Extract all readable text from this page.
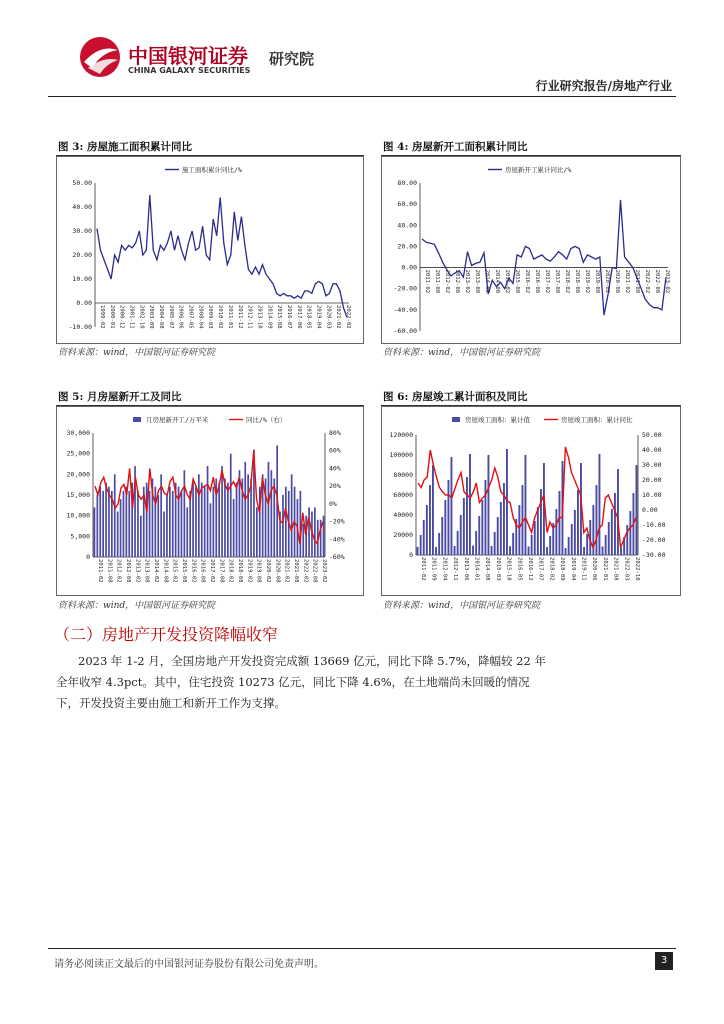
中国银河证券
CHINA GALAXY SECURITIES
研究院
行业研究报告/房地产行业
图 3: 房屋施工面积累计同比
施工面积累计同比/%
50.00
40.00
30.00
20.00
10.00
0.00
-10.00 1999-02 2000-01 2000-12 2001-11 2002-10 2003-09 2004-08 2005-07 2006-06 2007-05 2008-04 2009-03 2010-02 2011-01 2011-12 2012-11 2013-10 2014-09 2015-08 2016-07 2017-06 2018-05 2019-04 2020-03 2021-02 2022-02
资料来源：wind，中国银河证券研究院
图 4: 房屋新开工面积累计同比
房屋新开工累计同比/%
80.00
60.00
40.00
20.00
0.00
-20.00
-40.00
-60.00
2011-02 2011-08 2012-02 2012-08 2013-02 2013-08 2014-02 2014-08 2015-02 2015-08 2016-02 2016-08 2017-02 2017-08 2018-02 2018-08 2019-02 2019-08 2020-02 2020-08 2021-02 2021-08 2022-02 2022-08 2023-02
资料来源：wind，中国银河证券研究院
图 5: 月房屋新开工及同比
月房屋新开工/万平米	同比/%（右）
30,000
25,000
20,000
15,000
10,000
5,000
0
80%
60%
40%
20%
0%
-20%
-40%
-60%
2011-02 2011-08 2012-02 2012-08 2013-02 2013-08 2014-02 2014-08 2015-02 2015-08 2016-02 2016-08 2017-02 2017-08 2018-02 2018-08 2019-02 2019-08 2020-02 2020-08 2021-02 2021-08 2022-02 2022-08 2023-02
资料来源：wind，中国银河证券研究院
图 6: 房屋竣工累计面积及同比
房屋竣工面积：累计值	房屋竣工面积：累计同比
120000
100000
80000
60000
40000
20000
0
50.00
40.00
30.00
20.00
10.00
0.00
-10.00
-20.00
-30.00
2011-02 2011-09 2012-04 2012-11 2013-06 2014-01 2014-08 2015-03 2015-10 2016-05 2016-12 2017-07 2018-02 2018-09 2019-04 2019-11 2020-06 2021-01 2021-08 2022-03 2022-10
资料来源：wind，中国银河证券研究院
（二）房地产开发投资降幅收窄
2023 年 1-2 月，全国房地产开发投资完成额 13669 亿元，同比下降 5.7%，降幅较 22 年全年收窄 4.3pct。其中，住宅投资 10273 亿元，同比下降 4.6%，在土地端尚未回暖的情况下，开发投资主要由施工和新开工作为支撑。
请务必阅读正文最后的中国银河证券股份有限公司免责声明。	3
